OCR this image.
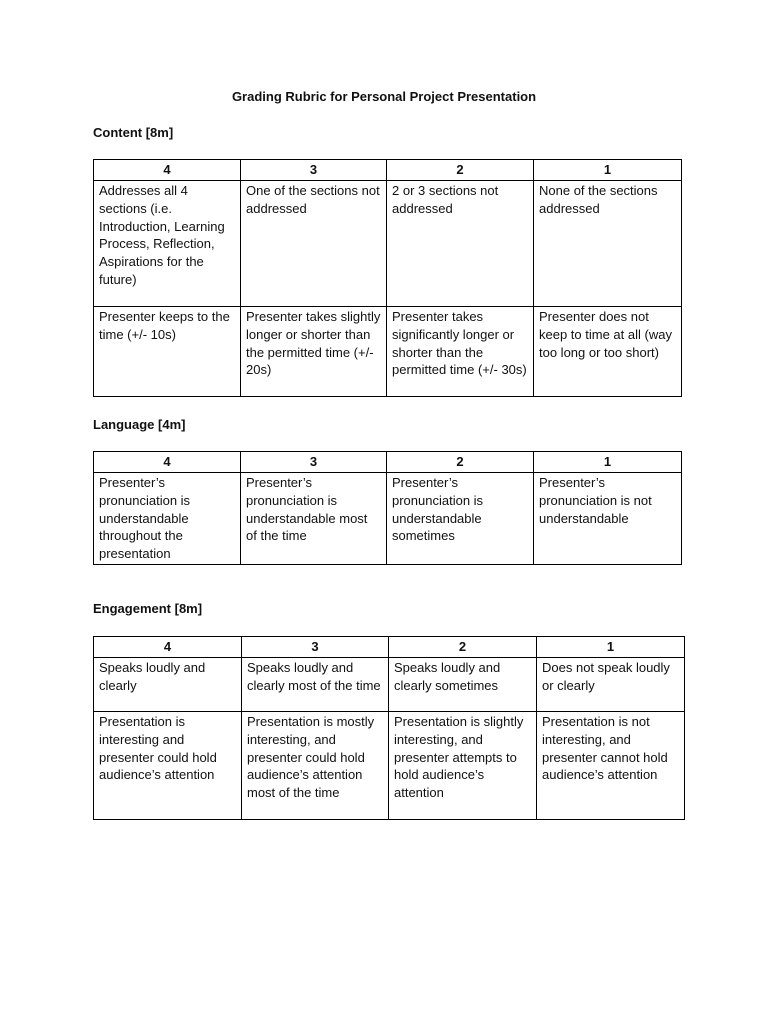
Grading Rubric for Personal Project Presentation
Content [8m]
4	3	2	1
Addresses all 4 sections (i.e. Introduction, Learning Process, Reflection, Aspirations for the future)	One of the sections not addressed	2 or 3 sections not addressed	None of the sections addressed
Presenter keeps to the time (+/- 10s)	Presenter takes slightly longer or shorter than the permitted time (+/- 20s)	Presenter takes significantly longer or shorter than the permitted time (+/- 30s)	Presenter does not keep to time at all (way too long or too short)
Language [4m]
4	3	2	1
Presenter’s pronunciation is understandable throughout the presentation	Presenter’s pronunciation is understandable most of the time	Presenter’s pronunciation is understandable sometimes	Presenter’s pronunciation is not understandable
Engagement [8m]
4	3	2	1
Speaks loudly and clearly	Speaks loudly and clearly most of the time	Speaks loudly and clearly sometimes	Does not speak loudly or clearly
Presentation is interesting and presenter could hold audience’s attention	Presentation is mostly interesting, and presenter could hold audience’s attention most of the time	Presentation is slightly interesting, and presenter attempts to hold audience’s attention	Presentation is not interesting, and presenter cannot hold audience’s attention
